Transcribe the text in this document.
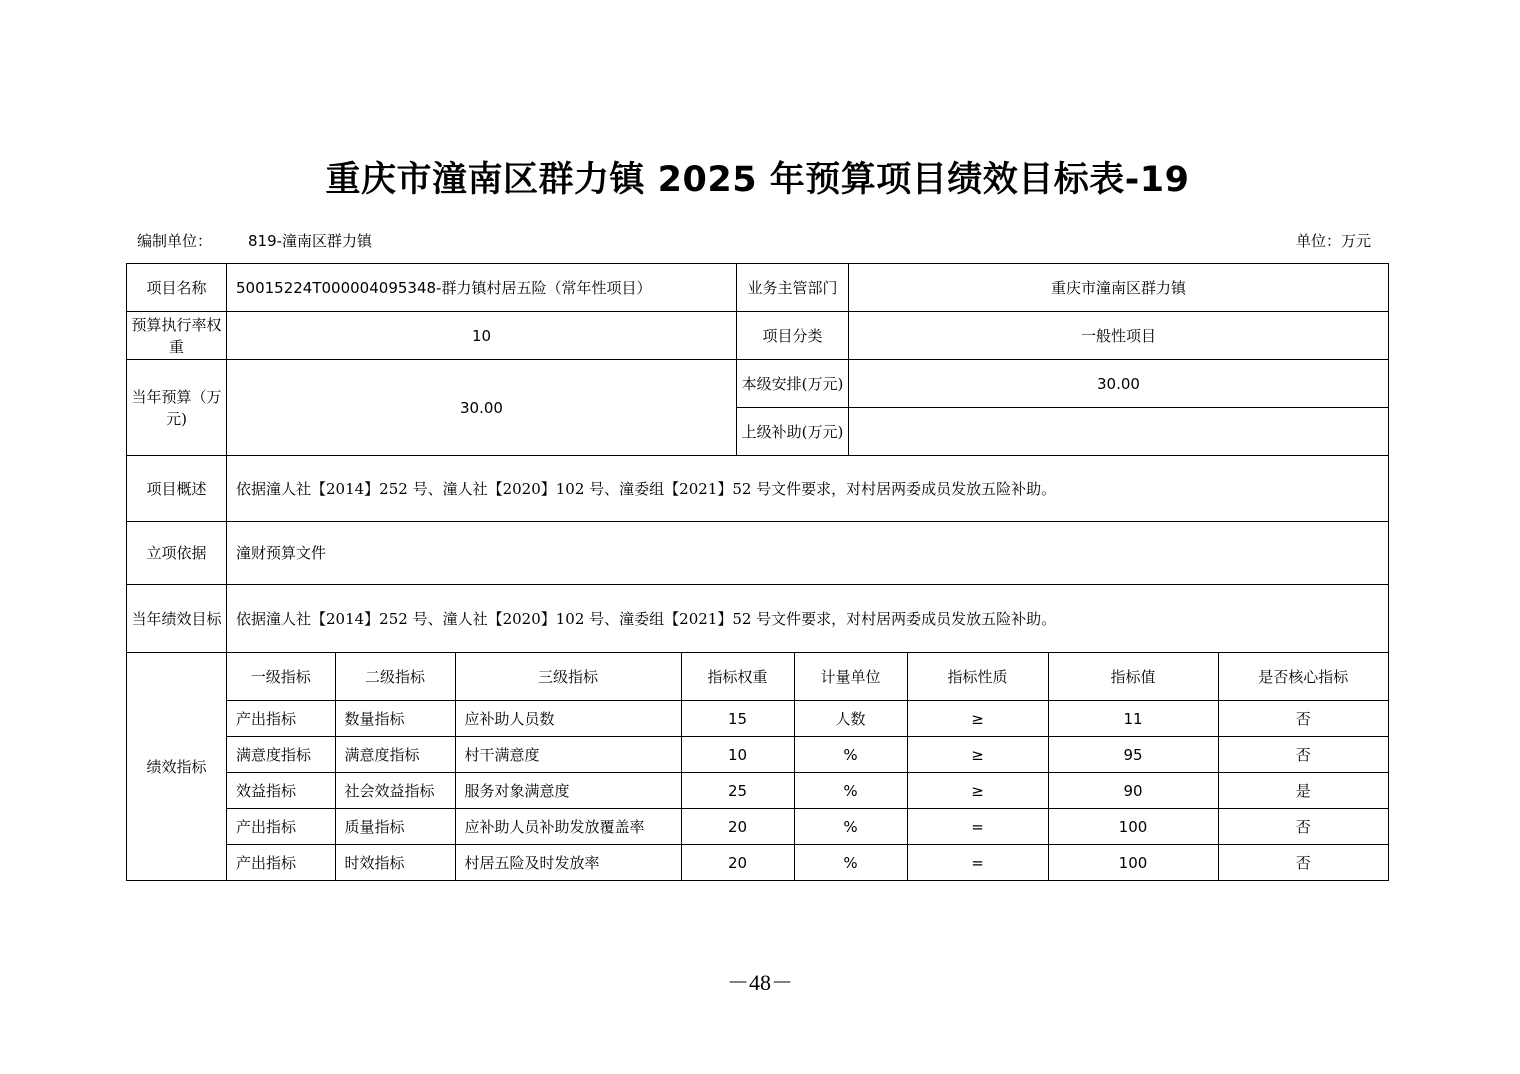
重庆市潼南区群力镇 2025 年预算项目绩效目标表-19
编制单位： 819-潼南区群力镇	单位：万元
项目名称	50015224T000004095348-群力镇村居五险（常年性项目）	业务主管部门	重庆市潼南区群力镇
预算执行率权重	10	项目分类	一般性项目
当年预算（万元)	30.00	本级安排(万元)	30.00
上级补助(万元)	
项目概述	依据潼人社【2014】252 号、潼人社【2020】102 号、潼委组【2021】52 号文件要求，对村居两委成员发放五险补助。
立项依据	潼财预算文件
当年绩效目标	依据潼人社【2014】252 号、潼人社【2020】102 号、潼委组【2021】52 号文件要求，对村居两委成员发放五险补助。
绩效指标	
一级指标	二级指标	三级指标	指标权重	计量单位	指标性质	指标值	是否核心指标
产出指标	数量指标	应补助人员数	15	人数	≥	11	否
满意度指标	满意度指标	村干满意度	10	%	≥	95	否
效益指标	社会效益指标	服务对象满意度	25	%	≥	90	是
产出指标	质量指标	应补助人员补助发放覆盖率	20	%	=	100	否
产出指标	时效指标	村居五险及时发放率	20	%	=	100	否
－48－
